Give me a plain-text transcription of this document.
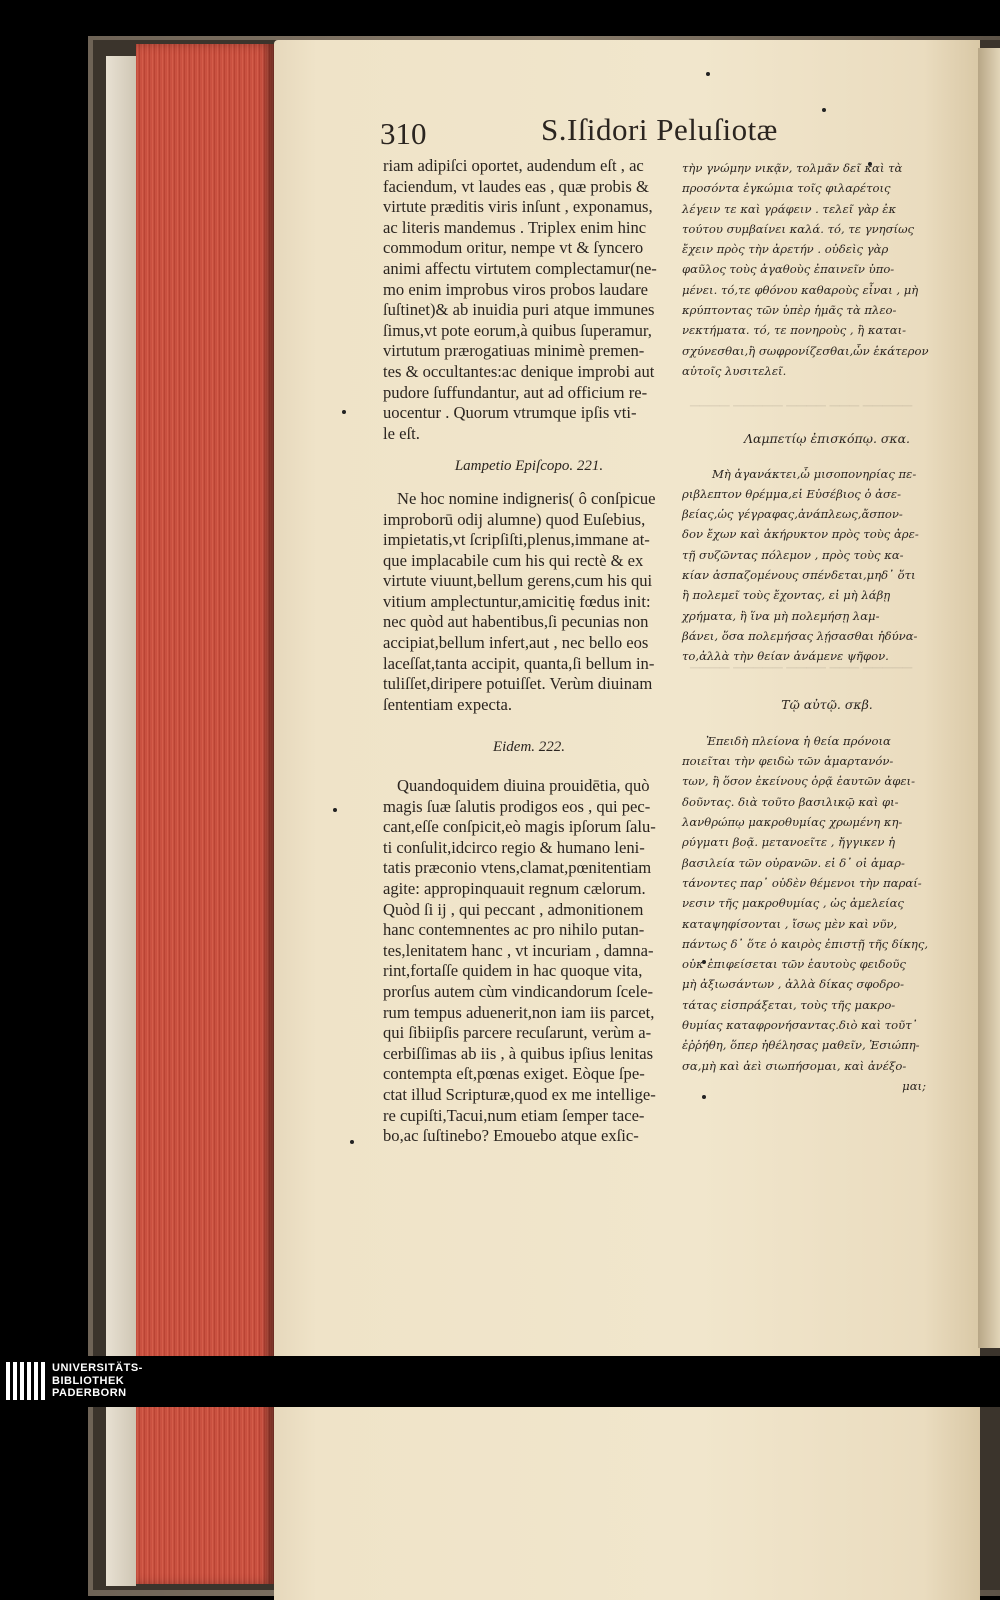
──── ───── ──── ─── ─────
──── ───── ──── ─── ─────
310	S.Iſidori Peluſiotæ

riam adipiſci oportet, audendum eſt , ac

faciendum, vt laudes eas , quæ probis &

virtute præditis viris inſunt , exponamus,

ac literis mandemus . Triplex enim hinc

commodum oritur, nempe vt & ſyncero

animi affectu virtutem complectamur(ne-

mo enim improbus viros probos laudare

ſuſtinet)& ab inuidia puri atque immunes

ſimus,vt pote eorum,à quibus ſuperamur,

virtutum prærogatiuas minimè premen-

tes & occultantes:ac denique improbi aut

pudore ſuffundantur, aut ad officium re-

uocentur . Quorum vtrumque ipſis vti-

le eſt.

Lampetio Epiſcopo. 221.

Ne hoc nomine indigneris( ô conſpicue

improborū odij alumne) quod Euſebius,

impietatis,vt ſcripſiſti,plenus,immane at-

que implacabile cum his qui rectè & ex

virtute viuunt,bellum gerens,cum his qui

vitium amplectuntur,amicitię fœdus init:

nec quòd aut habentibus,ſi pecunias non

accipiat,bellum infert,aut , nec bello eos

laceſſat,tanta accipit, quanta,ſi bellum in-

tuliſſet,diripere potuiſſet. Verùm diuinam

ſententiam expecta.

Eidem. 222.

Quandoquidem diuina prouidētia, quò

magis ſuæ ſalutis prodigos eos , qui pec-

cant,eſſe conſpicit,eò magis ipſorum ſalu-

ti conſulit,idcirco regio & humano leni-

tatis præconio vtens,clamat,pœnitentiam

agite: appropinquauit regnum cælorum.

Quòd ſi ij , qui peccant , admonitionem

hanc contemnentes ac pro nihilo putan-

tes,lenitatem hanc , vt incuriam , damna-

rint,fortaſſe quidem in hac quoque vita,

prorſus autem cùm vindicandorum ſcele-

rum tempus aduenerit,non iam iis parcet,

qui ſibiipſis parcere recuſarunt, verùm a-

cerbiſſimas ab iis , à quibus ipſius lenitas

contempta eſt,pœnas exiget. Eòque ſpe-

ctat illud Scripturæ,quod ex me intellige-

re cupiſti,Tacui,num etiam ſemper tace-

bo,ac ſuſtinebo? Emouebo atque exſic-

τὴν γνώμην νικᾷν, τολμᾶν δεῖ καὶ τὰ

προσόντα ἐγκώμια τοῖς φιλαρέτοις

λέγειν τε καὶ γράφειν . τελεῖ γὰρ ἐκ

τούτου συμβαίνει καλά. τό, τε γνησίως

ἔχειν πρὸς τὴν ἀρετήν . οὐδεὶς γὰρ

φαῦλος τοὺς ἀγαθοὺς ἐπαινεῖν ὑπο-

μένει. τό,τε φθόνου καθαροὺς εἶναι , μὴ

κρύπτοντας τῶν ὑπὲρ ἡμᾶς τὰ πλεο-

νεκτήματα. τό, τε πονηροὺς , ἢ καται-

σχύνεσθαι,ἢ σωφρονίζεσθαι,ὧν ἑκάτερον

αὐτοῖς λυσιτελεῖ.

Λαμπετίῳ ἐπισκόπῳ. σκα.

Μὴ ἀγανάκτει,ὦ μισοπονηρίας πε-

ριβλεπτον θρέμμα,εἰ Εὐσέβιος ὁ ἀσε-

βείας,ὡς γέγραφας,ἀνάπλεως,ἄσπον-

δον ἔχων καὶ ἀκήρυκτον πρὸς τοὺς ἀρε-

τῇ συζῶντας πόλεμον , πρὸς τοὺς κα-

κίαν ἀσπαζομένους σπένδεται,μηδ᾽ ὅτι

ἢ πολεμεῖ τοὺς ἔχοντας, εἰ μὴ λάβῃ

χρήματα, ἢ ἵνα μὴ πολεμήσῃ λαμ-

βάνει, ὅσα πολεμήσας λῄσασθαι ἠδύνα-

το,ἀλλὰ τὴν θείαν ἀνάμενε ψῆφον.

Τῷ αὐτῷ. σκβ.

Ἐπειδὴ πλείονα ἡ θεία πρόνοια

ποιεῖται τὴν φειδὼ τῶν ἁμαρτανόν-

των, ἢ ὅσον ἐκείνους ὁρᾷ ἑαυτῶν ἀφει-

δοῦντας. διὰ τοῦτο βασιλικῷ καὶ φι-

λανθρώπῳ μακροθυμίας χρωμένη κη-

ρύγματι βοᾷ. μετανοεῖτε , ἤγγικεν ἡ

βασιλεία τῶν οὐρανῶν. εἰ δ᾽ οἱ ἁμαρ-

τάνοντες παρ᾽ οὐδὲν θέμενοι τὴν παραί-

νεσιν τῆς μακροθυμίας , ὡς ἀμελείας

καταψηφίσονται , ἴσως μὲν καὶ νῦν,

πάντως δ᾽ ὅτε ὁ καιρὸς ἐπιστῇ τῆς δίκης,

οὐκ ἐπιφείσεται τῶν ἑαυτοὺς φειδοῦς

μὴ ἀξιωσάντων , ἀλλὰ δίκας σφοδρο-

τάτας εἰσπράξεται, τοὺς τῆς μακρο-

θυμίας καταφρονήσαντας.διὸ καὶ τοῦτ᾽

ἐῤῥήθη, ὅπερ ἠθέλησας μαθεῖν, Ἐσιώπη-

σα,μὴ καὶ ἀεὶ σιωπήσομαι, καὶ ἀνέξο-

μαι;

UNIVERSITÄTS-
BIBLIOTHEK
PADERBORN
